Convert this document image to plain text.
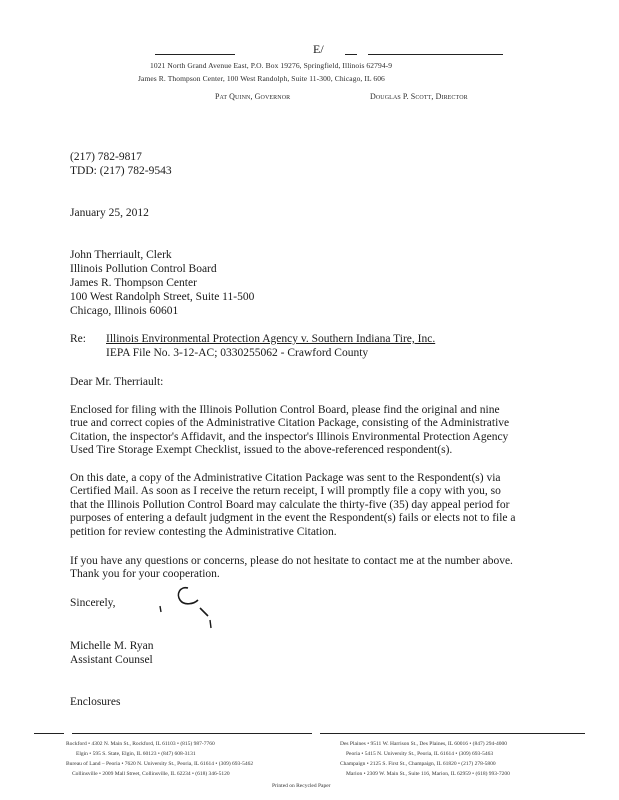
E/
1021 North Grand Avenue East, P.O. Box 19276, Springfield, Illinois 62794-9
James R. Thompson Center, 100 West Randolph, Suite 11-300, Chicago, IL 606
Pat Quinn, Governor	Douglas P. Scott, Director
(217) 782-9817
TDD: (217) 782-9543
January 25, 2012
John Therriault, Clerk
Illinois Pollution Control Board
James R. Thompson Center
100 West Randolph Street, Suite 11-500
Chicago, Illinois 60601
Re: Illinois Environmental Protection Agency v. Southern Indiana Tire, Inc.
IEPA File No. 3-12-AC; 0330255062 - Crawford County
Dear Mr. Therriault:
Enclosed for filing with the Illinois Pollution Control Board, please find the original and nine
true and correct copies of the Administrative Citation Package, consisting of the Administrative
Citation, the inspector's Affidavit, and the inspector's Illinois Environmental Protection Agency
Used Tire Storage Exempt Checklist, issued to the above-referenced respondent(s).
On this date, a copy of the Administrative Citation Package was sent to the Respondent(s) via
Certified Mail. As soon as I receive the return receipt, I will promptly file a copy with you, so
that the Illinois Pollution Control Board may calculate the thirty-five (35) day appeal period for
purposes of entering a default judgment in the event the Respondent(s) fails or elects not to file a
petition for review contesting the Administrative Citation.
If you have any questions or concerns, please do not hesitate to contact me at the number above.
Thank you for your cooperation.
Sincerely,
Michelle M. Ryan
Assistant Counsel
Enclosures
Rockford • 4302 N. Main St., Rockford, IL 61103 • (815) 987-7760
Elgin • 595 S. State, Elgin, IL 60123 • (847) 608-3131
Bureau of Land – Peoria • 7620 N. University St., Peoria, IL 61614 • (309) 693-5462
Collinsville • 2009 Mall Street, Collinsville, IL 62234 • (618) 346-5120
Des Plaines • 9511 W. Harrison St., Des Plaines, IL 60016 • (847) 294-4000
Peoria • 5415 N. University St., Peoria, IL 61614 • (309) 693-5463
Champaign • 2125 S. First St., Champaign, IL 61820 • (217) 278-5800
Marion • 2309 W. Main St., Suite 116, Marion, IL 62959 • (618) 993-7200
Printed on Recycled Paper
